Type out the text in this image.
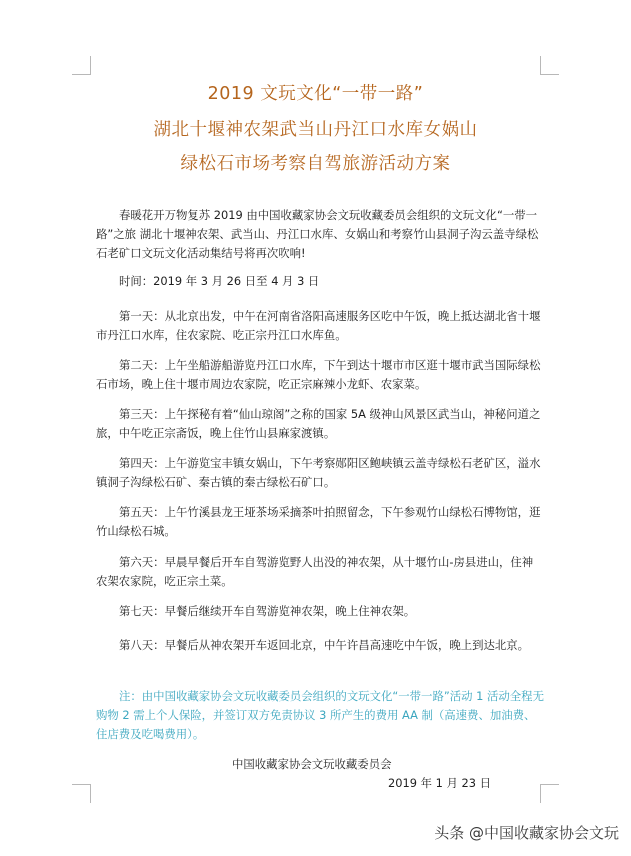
2019 文玩文化“一带一路”
湖北十堰神农架武当山丹江口水库女娲山
绿松石市场考察自驾旅游活动方案
春暖花开万物复苏 2019 由中国收藏家协会文玩收藏委员会组织的文玩文化“一带一路”之旅 湖北十堰神农架、武当山、丹江口水库、女娲山和考察竹山县洞子沟云盖寺绿松石老矿口文玩文化活动集结号将再次吹响!
时间：2019 年 3 月 26 日至 4 月 3 日
第一天：从北京出发，中午在河南省洛阳高速服务区吃中午饭，晚上抵达湖北省十堰市丹江口水库，住农家院、吃正宗丹江口水库鱼。
第二天：上午坐船游船游览丹江口水库，下午到达十堰市市区逛十堰市武当国际绿松石市场，晚上住十堰市周边农家院，吃正宗麻辣小龙虾、农家菜。
第三天：上午探秘有着“仙山琼阁”之称的国家 5A 级神山风景区武当山，神秘问道之旅，中午吃正宗斋饭，晚上住竹山县麻家渡镇。
第四天：上午游览宝丰镇女娲山，下午考察郧阳区鲍峡镇云盖寺绿松石老矿区，溢水镇洞子沟绿松石矿、秦古镇的秦古绿松石矿口。
第五天：上午竹溪县龙王垭茶场采摘茶叶拍照留念，下午参观竹山绿松石博物馆，逛竹山绿松石城。
第六天：早晨早餐后开车自驾游览野人出没的神农架，从十堰竹山-房县进山，住神农架农家院，吃正宗土菜。
第七天：早餐后继续开车自驾游览神农架，晚上住神农架。
第八天：早餐后从神农架开车返回北京，中午许昌高速吃中午饭，晚上到达北京。
注：由中国收藏家协会文玩收藏委员会组织的文玩文化“一带一路”活动 1 活动全程无购物 2 需上个人保险，并签订双方免责协议 3 所产生的费用 AA 制（高速费、加油费、住店费及吃喝费用）。
中国收藏家协会文玩收藏委员会
2019 年 1 月 23 日
头条 @中国收藏家协会文玩
